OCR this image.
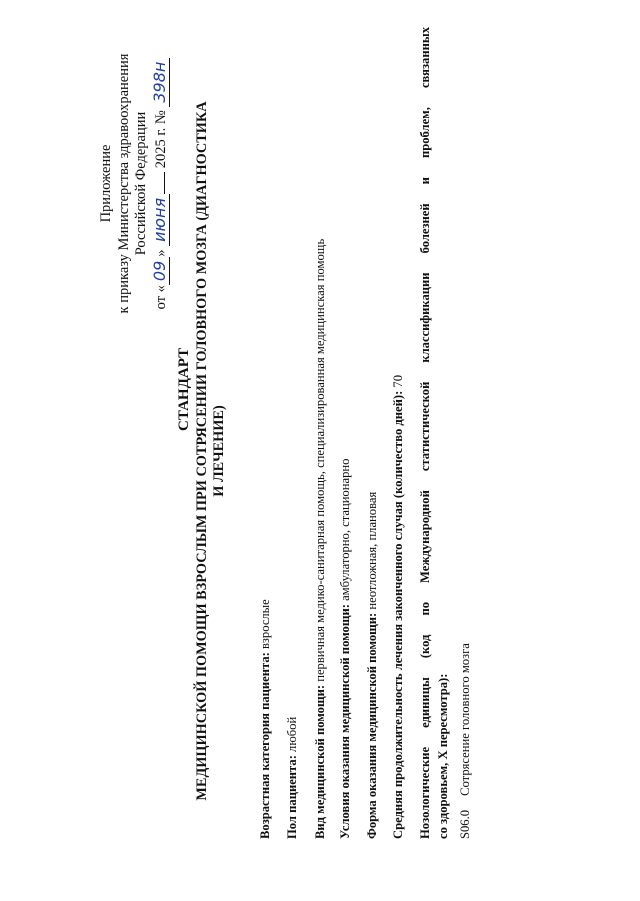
Приложение к приказу Министерства здравоохранения Российской Федерации
от «09» июня 2025 г. № 398н
СТАНДАРТ МЕДИЦИНСКОЙ ПОМОЩИ ВЗРОСЛЫМ ПРИ СОТРЯСЕНИИ ГОЛОВНОГО МОЗГА (ДИАГНОСТИКА И ЛЕЧЕНИЕ)
Возрастная категория пациента: взрослые
Пол пациента: любой Вид медицинской помощи: первичная медико-санитарная помощь, специализированная медицинская помощь
Условия оказания медицинской помощи: амбулаторно, стационарно
Форма оказания медицинской помощи: неотложная, плановая Средняя продолжительность лечения законченного случая (количество дней): 70 Нозологические единицы (код по Международной статистической классификации болезней и проблем, связанных со здоровьем, X пересмотра): S06.0 Сотрясение головного мозга
